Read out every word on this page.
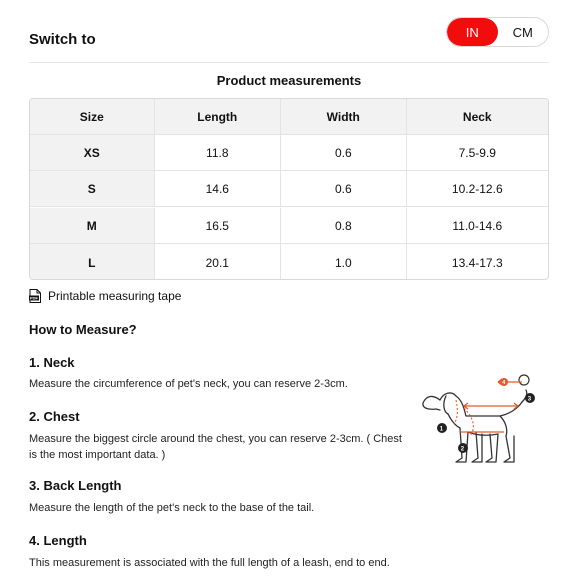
Switch to	IN	CM
Product measurements
Size	Length	Width	Neck
XS	11.8	0.6	7.5-9.9
S	14.6	0.6	10.2-12.6
M	16.5	0.8	11.0-14.6
L	20.1	1.0	13.4-17.3
PDF Printable measuring tape
How to Measure?
1. Neck
Measure the circumference of pet's neck, you can reserve 2-3cm.
2. Chest
Measure the biggest circle around the chest, you can reserve 2-3cm. ( Chest is the most important data. )
3. Back Length
Measure the length of the pet's neck to the base of the tail.
4. Length
This measurement is associated with the full length of a leash, end to end.
1
2
3
4
